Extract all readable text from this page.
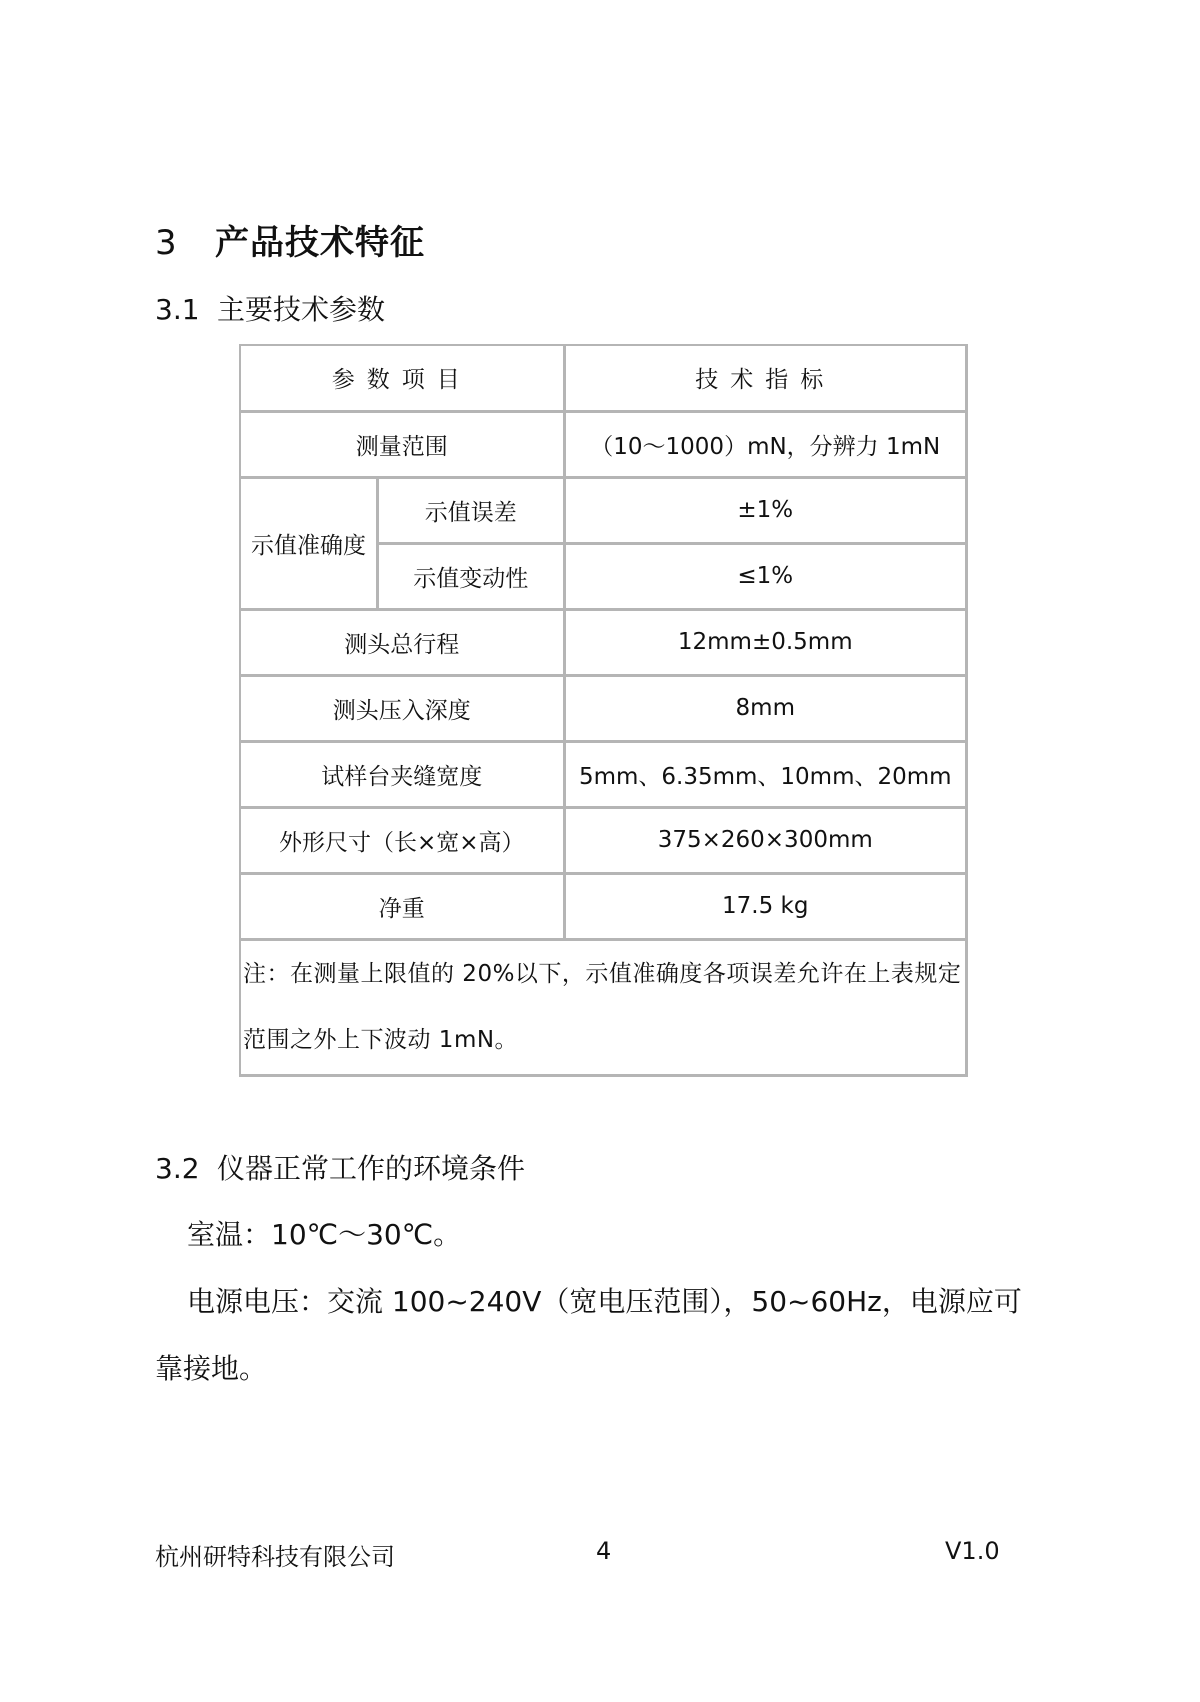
3 产品技术特征
3.1 主要技术参数
参数项目		技术指标
测量范围		（10～1000）mN，分辨力 1mN
示值准确度	示值误差	±1%
	示值变动性	≤1%
测头总行程		12mm±0.5mm
测头压入深度		8mm
试样台夹缝宽度		5mm、6.35mm、10mm、20mm
外形尺寸（长×宽×高）		375×260×300mm
净重		17.5 kg
注：在测量上限值的 20%以下，示值准确度各项误差允许在上表规定范围之外上下波动 1mN。		
3.2 仪器正常工作的环境条件
室温：10℃～30℃。
电源电压：交流 100~240V（宽电压范围），50~60Hz，电源应可
靠接地。
杭州研特科技有限公司	4	V1.0
